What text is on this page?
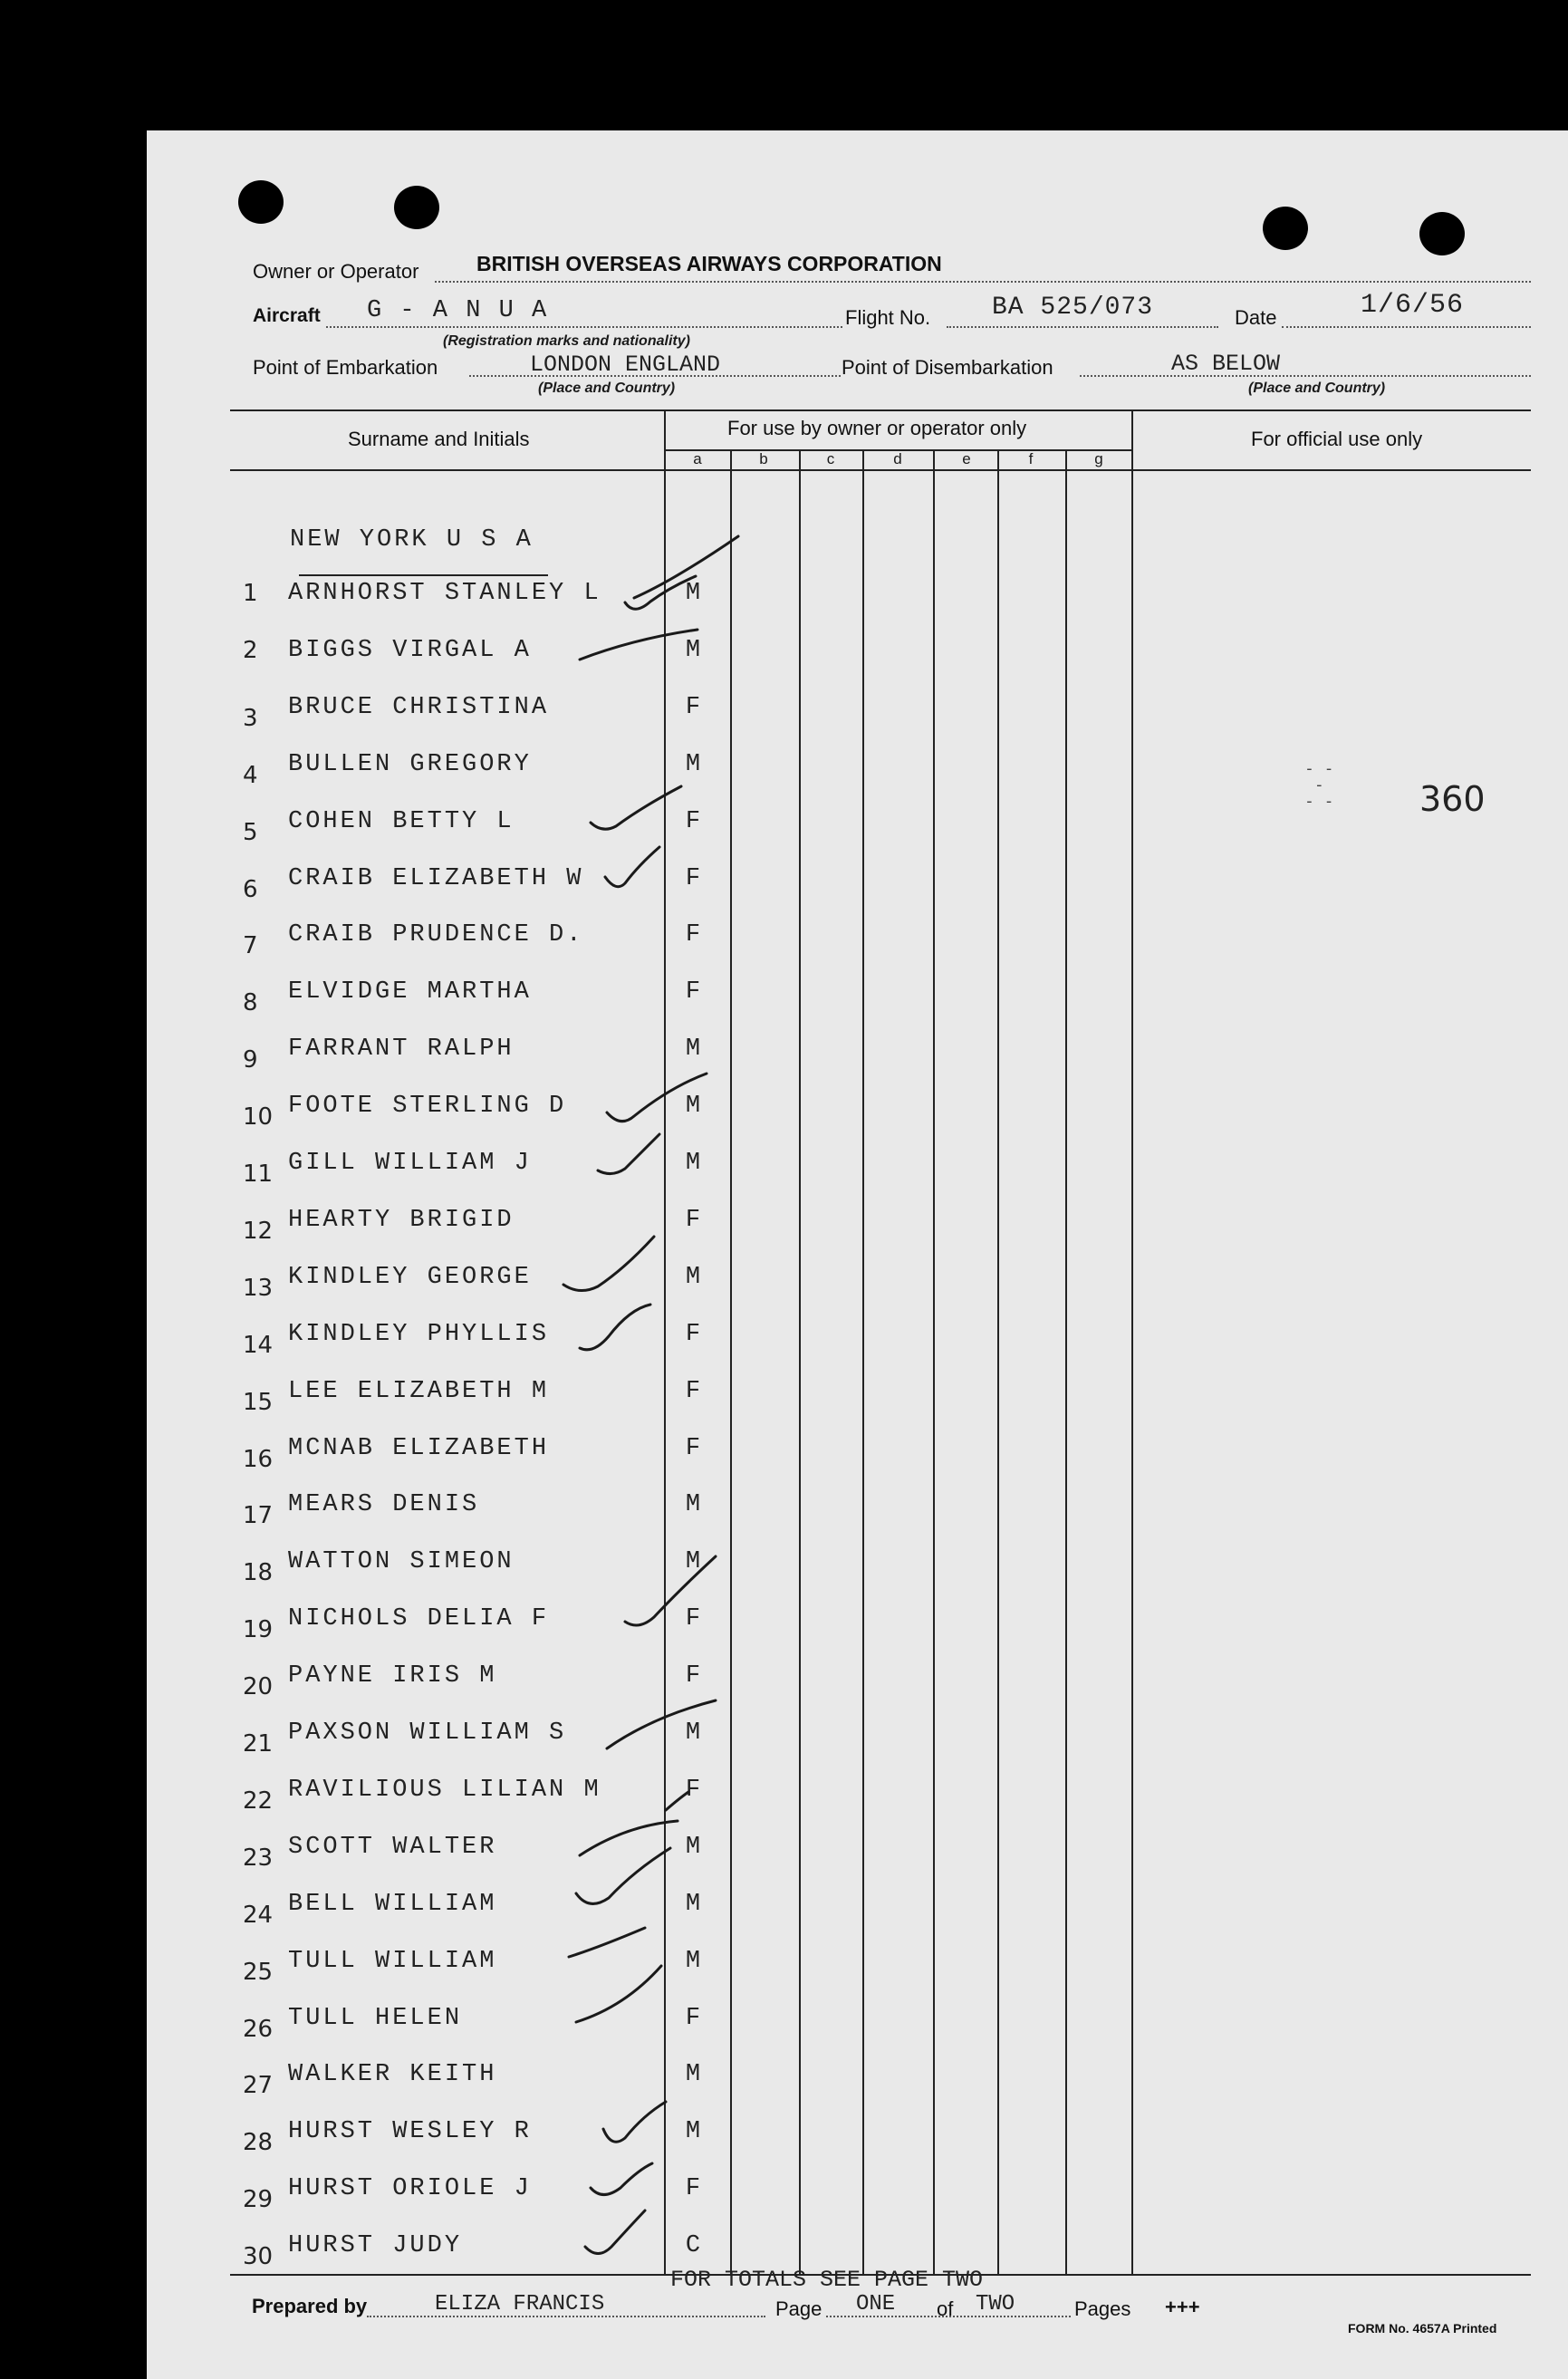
Owner or Operator	BRITISH OVERSEAS AIRWAYS CORPORATION
Aircraft G - A N U A	Flight No. BA 525/073	Date	1/6/56
(Registration marks and nationality)
Point of Embarkation	LONDON ENGLAND	Point of Disembarkation	AS BELOW
(Place and Country)	(Place and Country)
Surname and Initials	For use by owner or operator only	For official use only
a	b	c	d	e	f	g
NEW YORK U S A
360
- -
-
- -
1	ARNHORST STANLEY L	M
2	BIGGS VIRGAL A	M
3	BRUCE CHRISTINA	F
4	BULLEN GREGORY	M
5	COHEN BETTY L	F
6	CRAIB ELIZABETH W	F
7	CRAIB PRUDENCE D.	F
8	ELVIDGE MARTHA	F
9	FARRANT RALPH	M
10 FOOTE STERLING D	M
11 GILL WILLIAM J	M
12 HEARTY BRIGID	F
13 KINDLEY GEORGE	M
14 KINDLEY PHYLLIS	F
15 LEE ELIZABETH M	F
16 MCNAB ELIZABETH	F
17 MEARS DENIS	M
18 WATTON SIMEON	M
19 NICHOLS DELIA F	F
20 PAYNE IRIS M	F
21 PAXSON WILLIAM S	M
22 RAVILIOUS LILIAN M	F
23 SCOTT WALTER	M
24 BELL WILLIAM	M
25 TULL WILLIAM	M
26 TULL HELEN	F
27 WALKER KEITH	M
28 HURST WESLEY R	M
29 HURST ORIOLE J	F
30 HURST JUDY	C
FOR TOTALS SEE PAGE TWO
Prepared by	ELIZA FRANCIS	Page ONE of TWO	Pages +++
FORM No. 4657A Printed
